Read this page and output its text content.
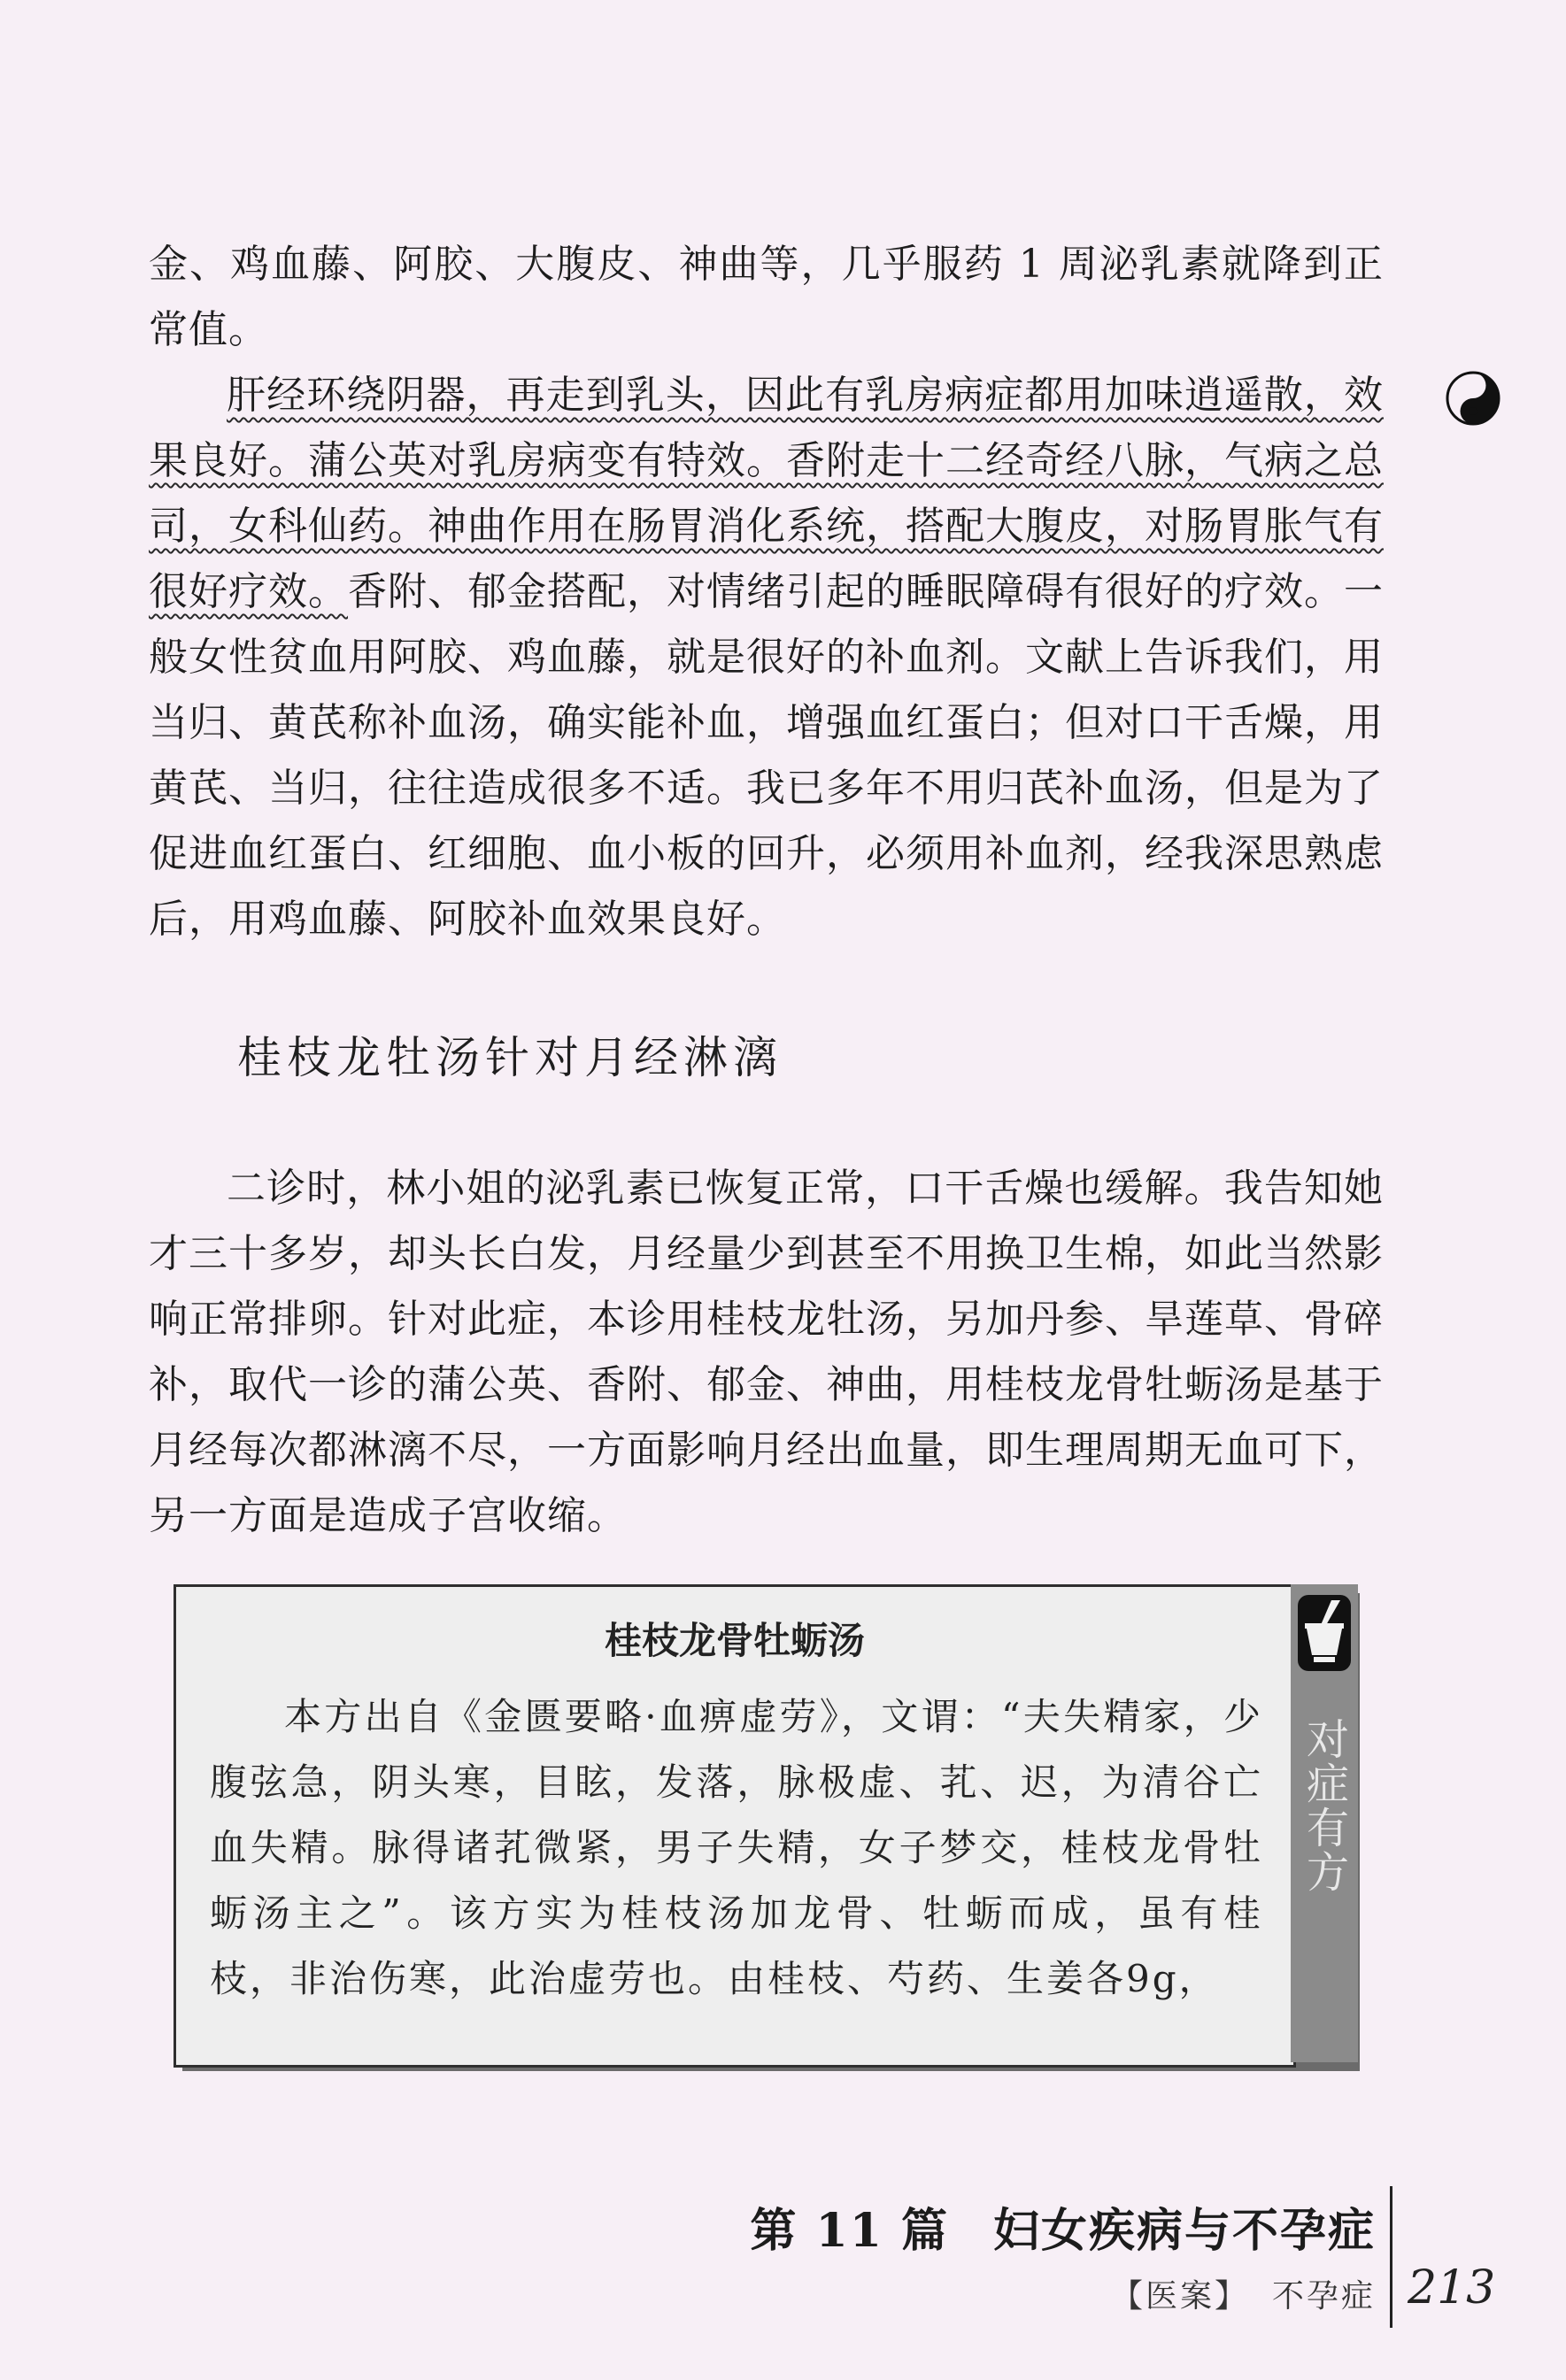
金、鸡血藤、阿胶、大腹皮、神曲等，几乎服药 1 周泌乳素就降到正常值。

肝经环绕阴器，再走到乳头，因此有乳房病症都用加味逍遥散，效果良好。蒲公英对乳房病变有特效。香附走十二经奇经八脉，气病之总司，女科仙药。神曲作用在肠胃消化系统，搭配大腹皮，对肠胃胀气有很好疗效。香附、郁金搭配，对情绪引起的睡眠障碍有很好的疗效。一般女性贫血用阿胶、鸡血藤，就是很好的补血剂。文献上告诉我们，用当归、黄芪称补血汤，确实能补血，增强血红蛋白；但对口干舌燥，用黄芪、当归，往往造成很多不适。我已多年不用归芪补血汤，但是为了促进血红蛋白、红细胞、血小板的回升，必须用补血剂，经我深思熟虑后，用鸡血藤、阿胶补血效果良好。

桂枝龙牡汤针对月经淋漓

二诊时，林小姐的泌乳素已恢复正常，口干舌燥也缓解。我告知她才三十多岁，却头长白发，月经量少到甚至不用换卫生棉，如此当然影响正常排卵。针对此症，本诊用桂枝龙牡汤，另加丹参、旱莲草、骨碎补，取代一诊的蒲公英、香附、郁金、神曲，用桂枝龙骨牡蛎汤是基于月经每次都淋漓不尽，一方面影响月经出血量，即生理周期无血可下，另一方面是造成子宫收缩。

桂枝龙骨牡蛎汤

本方出自《金匮要略·血痹虚劳》，文谓：“夫失精家，少腹弦急，阴头寒，目眩，发落，脉极虚、芤、迟，为清谷亡血失精。脉得诸芤微紧，男子失精，女子梦交，桂枝龙骨牡蛎汤主之”。该方实为桂枝汤加龙骨、牡蛎而成，虽有桂枝，非治伤寒，此治虚劳也。由桂枝、芍药、生姜各9g，

对症有方
第 11 篇 妇女疾病与不孕症
【医案】 不孕症 213
